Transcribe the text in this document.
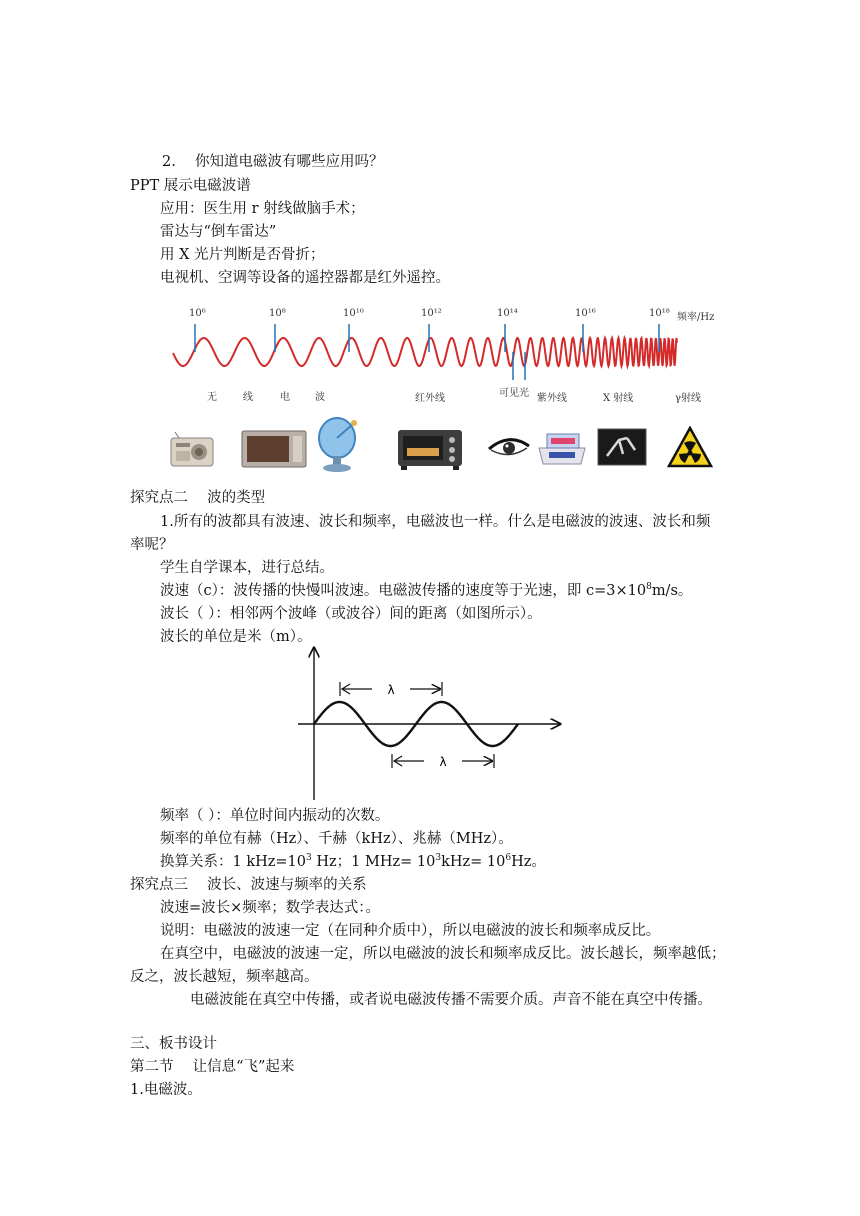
2.　 你知道电磁波有哪些应用吗？
PPT 展示电磁波谱
应用：医生用 r 射线做脑手术；
雷达与“倒车雷达”
用 X 光片判断是否骨折；
电视机、空调等设备的遥控器都是红外遥控。
10⁶	10⁸	10¹⁰	10¹²	10¹⁴	10¹⁶	10¹⁸ 频率/Hz
无	线	电	波	红外线	可见光 紫外线	X 射线	γ射线
探究点二　 波的类型
1.所有的波都具有波速、波长和频率，电磁波也一样。什么是电磁波的波速、波长和频
率呢？
学生自学课本，进行总结。
波速（c）：波传播的快慢叫波速。电磁波传播的速度等于光速，即 $c=3\times 10^8m/s$。
波长（ ）：相邻两个波峰（或波谷）间的距离（如图所示）。
波长的单位是米（m）。
λ
λ
频率（ ）：单位时间内振动的次数。
频率的单位有赫（Hz）、千赫（kHz）、兆赫（MHz）。
换算关系：1 $kHz=10^3$ Hz；1 $MHz= 10^3kHz= 10^6Hz$。
探究点三　 波长、波速与频率的关系
波速=波长×频率；数学表达式：。
说明：电磁波的波速一定（在同种介质中），所以电磁波的波长和频率成反比。
在真空中，电磁波的波速一定，所以电磁波的波长和频率成反比。波长越长，频率越低；
反之，波长越短，频率越高。
电磁波能在真空中传播，或者说电磁波传播不需要介质。声音不能在真空中传播。
三、板书设计
第二节　 让信息“飞”起来
1.电磁波。
